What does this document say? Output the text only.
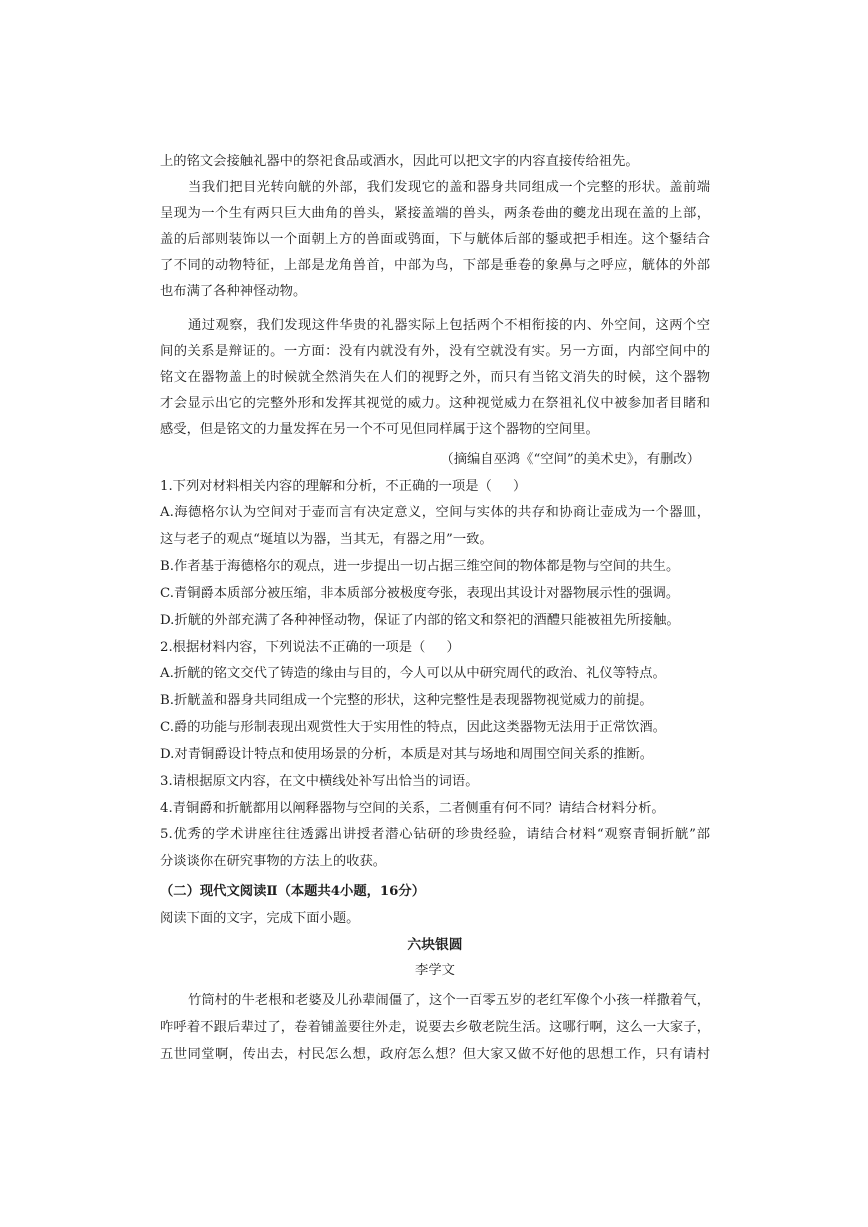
上的铭文会接触礼器中的祭祀食品或酒水，因此可以把文字的内容直接传给祖先。
当我们把目光转向觥的外部，我们发现它的盖和器身共同组成一个完整的形状。盖前端
呈现为一个生有两只巨大曲角的兽头，紧接盖端的兽头，两条卷曲的夔龙出现在盖的上部，
盖的后部则装饰以一个面朝上方的兽面或鸮面，下与觥体后部的鋬或把手相连。这个鋬结合
了不同的动物特征，上部是龙角兽首，中部为鸟，下部是垂卷的象鼻与之呼应，觥体的外部
也布满了各种神怪动物。
通过观察，我们发现这件华贵的礼器实际上包括两个不相衔接的内、外空间，这两个空
间的关系是辩证的。一方面：没有内就没有外，没有空就没有实。另一方面，内部空间中的
铭文在器物盖上的时候就全然消失在人们的视野之外，而只有当铭文消失的时候，这个器物
才会显示出它的完整外形和发挥其视觉的威力。这种视觉威力在祭祖礼仪中被参加者目睹和
感受，但是铭文的力量发挥在另一个不可见但同样属于这个器物的空间里。
（摘编自巫鸿《“空间”的美术史》，有删改）
1.下列对材料相关内容的理解和分析，不正确的一项是（     ）
A.海德格尔认为空间对于壶而言有决定意义，空间与实体的共存和协商让壶成为一个器皿，
这与老子的观点“埏埴以为器，当其无，有器之用”一致。
B.作者基于海德格尔的观点，进一步提出一切占据三维空间的物体都是物与空间的共生。
C.青铜爵本质部分被压缩，非本质部分被极度夸张，表现出其设计对器物展示性的强调。
D.折觥的外部充满了各种神怪动物，保证了内部的铭文和祭祀的酒醴只能被祖先所接触。
2.根据材料内容，下列说法不正确的一项是（     ）
A.折觥的铭文交代了铸造的缘由与目的，今人可以从中研究周代的政治、礼仪等特点。
B.折觥盖和器身共同组成一个完整的形状，这种完整性是表现器物视觉威力的前提。
C.爵的功能与形制表现出观赏性大于实用性的特点，因此这类器物无法用于正常饮酒。
D.对青铜爵设计特点和使用场景的分析，本质是对其与场地和周围空间关系的推断。
3.请根据原文内容，在文中横线处补写出恰当的词语。
4.青铜爵和折觥都用以阐释器物与空间的关系，二者侧重有何不同？请结合材料分析。
5.优秀的学术讲座往往透露出讲授者潜心钻研的珍贵经验，请结合材料“观察青铜折觥”部
分谈谈你在研究事物的方法上的收获。
（二）现代文阅读Ⅱ（本题共4小题，16分）
阅读下面的文字，完成下面小题。
六块银圆
李学文
竹筒村的牛老根和老婆及儿孙辈闹僵了，这个一百零五岁的老红军像个小孩一样撒着气，
咋呼着不跟后辈过了，卷着铺盖要往外走，说要去乡敬老院生活。这哪行啊，这么一大家子，
五世同堂啊，传出去，村民怎么想，政府怎么想？但大家又做不好他的思想工作，只有请村
